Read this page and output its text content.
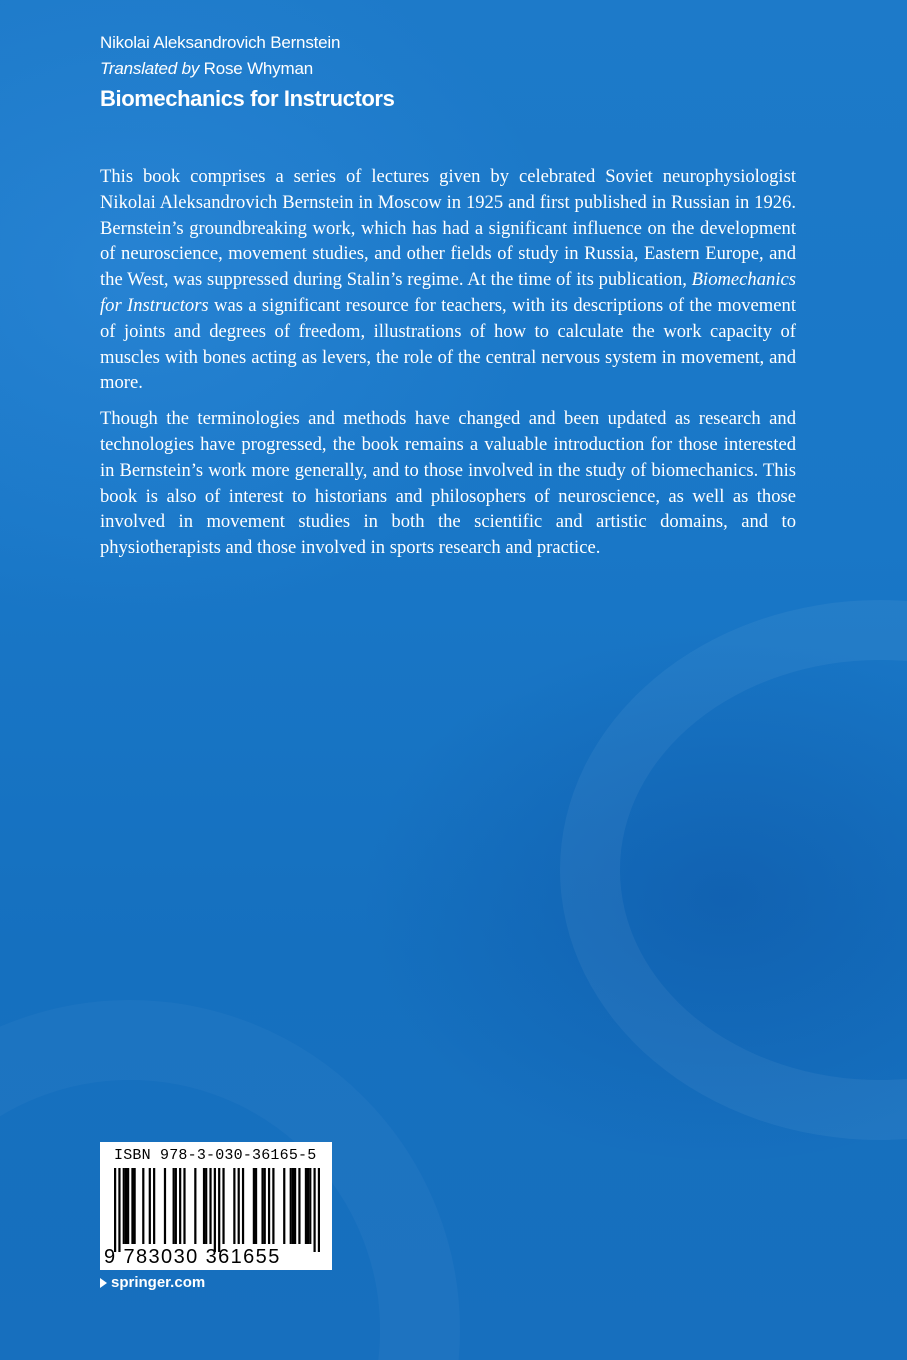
Nikolai Aleksandrovich Bernstein
Translated by Rose Whyman
Biomechanics for Instructors

This book comprises a series of lectures given by celebrated Soviet neurophysiologist Nikolai Aleksandrovich Bernstein in Moscow in 1925 and first published in Russian in 1926. Bernstein’s groundbreaking work, which has had a significant influence on the development of neuroscience, movement studies, and other fields of study in Russia, Eastern Europe, and the West, was suppressed during Stalin’s regime. At the time of its publication, Biomechanics for Instructors was a significant resource for teachers, with its descriptions of the movement of joints and degrees of freedom, illustrations of how to calculate the work capacity of muscles with bones acting as levers, the role of the central nervous system in movement, and more.

Though the terminologies and methods have changed and been updated as research and technologies have progressed, the book remains a valuable introduction for those interested in Bernstein’s work more generally, and to those involved in the study of biomechanics. This book is also of interest to historians and philosophers of neuroscience, as well as those involved in movement studies in both the scientific and artistic domains, and to physiotherapists and those involved in sports research and practice.

ISBN 978-3-030-36165-5
9 783030 361655
springer.com
